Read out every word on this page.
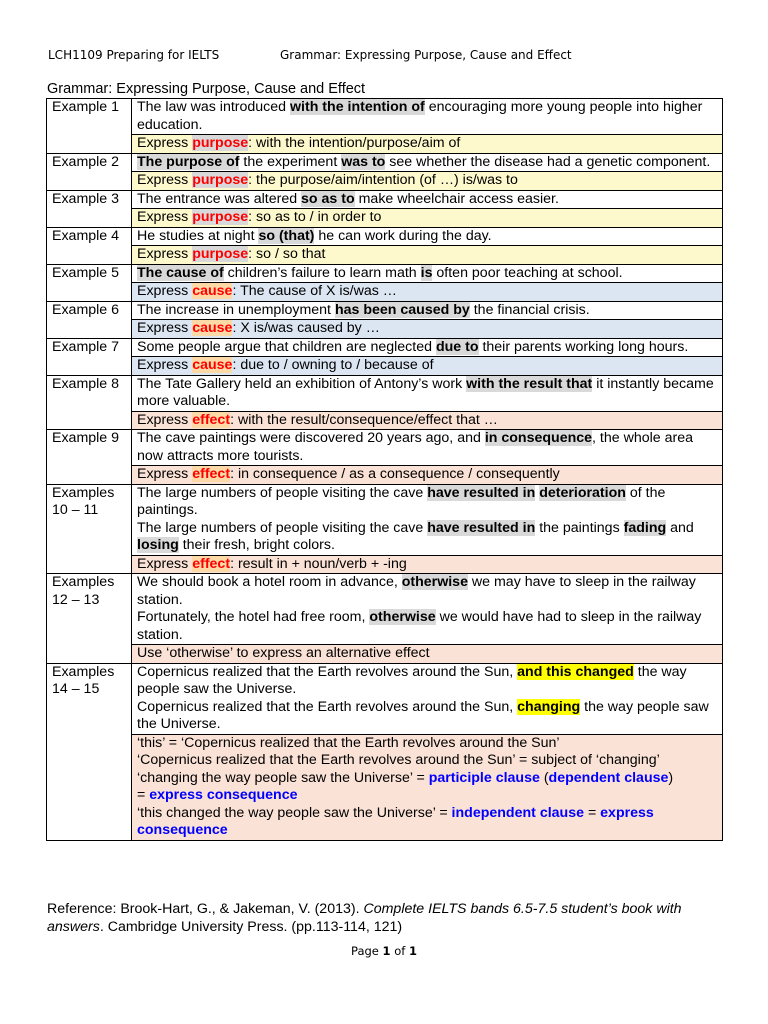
LCH1109 Preparing for IELTS	Grammar: Expressing Purpose, Cause and Effect
Grammar: Expressing Purpose, Cause and Effect
Example 1	The law was introduced with the intention of encouraging more young people into higher education.
	Express purpose: with the intention/purpose/aim of
Example 2	The purpose of the experiment was to see whether the disease had a genetic component.
	Express purpose: the purpose/aim/intention (of …) is/was to
Example 3	The entrance was altered so as to make wheelchair access easier.
	Express purpose: so as to / in order to
Example 4	He studies at night so (that) he can work during the day.
	Express purpose: so / so that
Example 5	The cause of children’s failure to learn math is often poor teaching at school.
	Express cause: The cause of X is/was …
Example 6	The increase in unemployment has been caused by the financial crisis.
	Express cause: X is/was caused by …
Example 7	Some people argue that children are neglected due to their parents working long hours.
	Express cause: due to / owning to / because of
Example 8	The Tate Gallery held an exhibition of Antony’s work with the result that it instantly became more valuable.
	Express effect: with the result/consequence/effect that …
Example 9	The cave paintings were discovered 20 years ago, and in consequence, the whole area now attracts more tourists.
	Express effect: in consequence / as a consequence / consequently
Examples 10 – 11	The large numbers of people visiting the cave have resulted in deterioration of the paintings.
The large numbers of people visiting the cave have resulted in the paintings fading and losing their fresh, bright colors.

	Express effect: result in + noun/verb + -ing
Examples 12 – 13	We should book a hotel room in advance, otherwise we may have to sleep in the railway station.
Fortunately, the hotel had free room, otherwise we would have had to sleep in the railway station.

	Use ‘otherwise’ to express an alternative effect
Examples 14 – 15	Copernicus realized that the Earth revolves around the Sun, and this changed the way people saw the Universe.
Copernicus realized that the Earth revolves around the Sun, changing the way people saw the Universe.

	‘this’ = ‘Copernicus realized that the Earth revolves around the Sun’
‘Copernicus realized that the Earth revolves around the Sun’ = subject of ‘changing’
‘changing the way people saw the Universe’ = participle clause (dependent clause)
= express consequence
‘this changed the way people saw the Universe’ = independent clause = express consequence
Reference: Brook-Hart, G., & Jakeman, V. (2013). Complete IELTS bands 6.5-7.5 student’s book with answers. Cambridge University Press. (pp.113-114, 121)
Page 1 of 1
